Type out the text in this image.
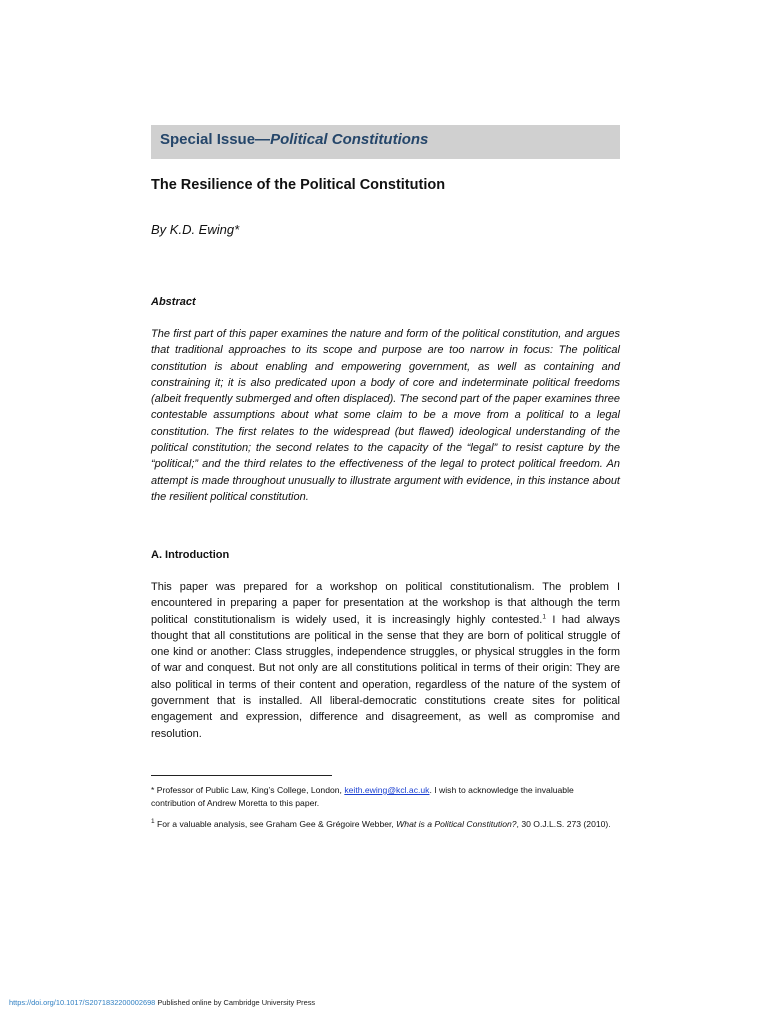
Special Issue—Political Constitutions
The Resilience of the Political Constitution
By K.D. Ewing*
Abstract

The first part of this paper examines the nature and form of the political constitution, and argues that traditional approaches to its scope and purpose are too narrow in focus: The political constitution is about enabling and empowering government, as well as containing and constraining it; it is also predicated upon a body of core and indeterminate political freedoms (albeit frequently submerged and often displaced). The second part of the paper examines three contestable assumptions about what some claim to be a move from a political to a legal constitution. The first relates to the widespread (but flawed) ideological understanding of the political constitution; the second relates to the capacity of the “legal” to resist capture by the “political;” and the third relates to the effectiveness of the legal to protect political freedom. An attempt is made throughout unusually to illustrate argument with evidence, in this instance about the resilient political constitution.

A. Introduction

This paper was prepared for a workshop on political constitutionalism. The problem I encountered in preparing a paper for presentation at the workshop is that although the term political constitutionalism is widely used, it is increasingly highly contested.$^1$ I had always thought that all constitutions are political in the sense that they are born of political struggle of one kind or another: Class struggles, independence struggles, or physical struggles in the form of war and conquest. But not only are all constitutions political in terms of their origin: They are also political in terms of their content and operation, regardless of the nature of the system of government that is installed. All liberal-democratic constitutions create sites for political engagement and expression, difference and disagreement, as well as compromise and resolution.

* Professor of Public Law, King’s College, London, keith.ewing@kcl.ac.uk. I wish to acknowledge the invaluable contribution of Andrew Moretta to this paper.

$^1$ For a valuable analysis, see Graham Gee & Grégoire Webber, What is a Political Constitution?, 30 O.J.L.S. 273 (2010).

https://doi.org/10.1017/S2071832200002698 Published online by Cambridge University Press
